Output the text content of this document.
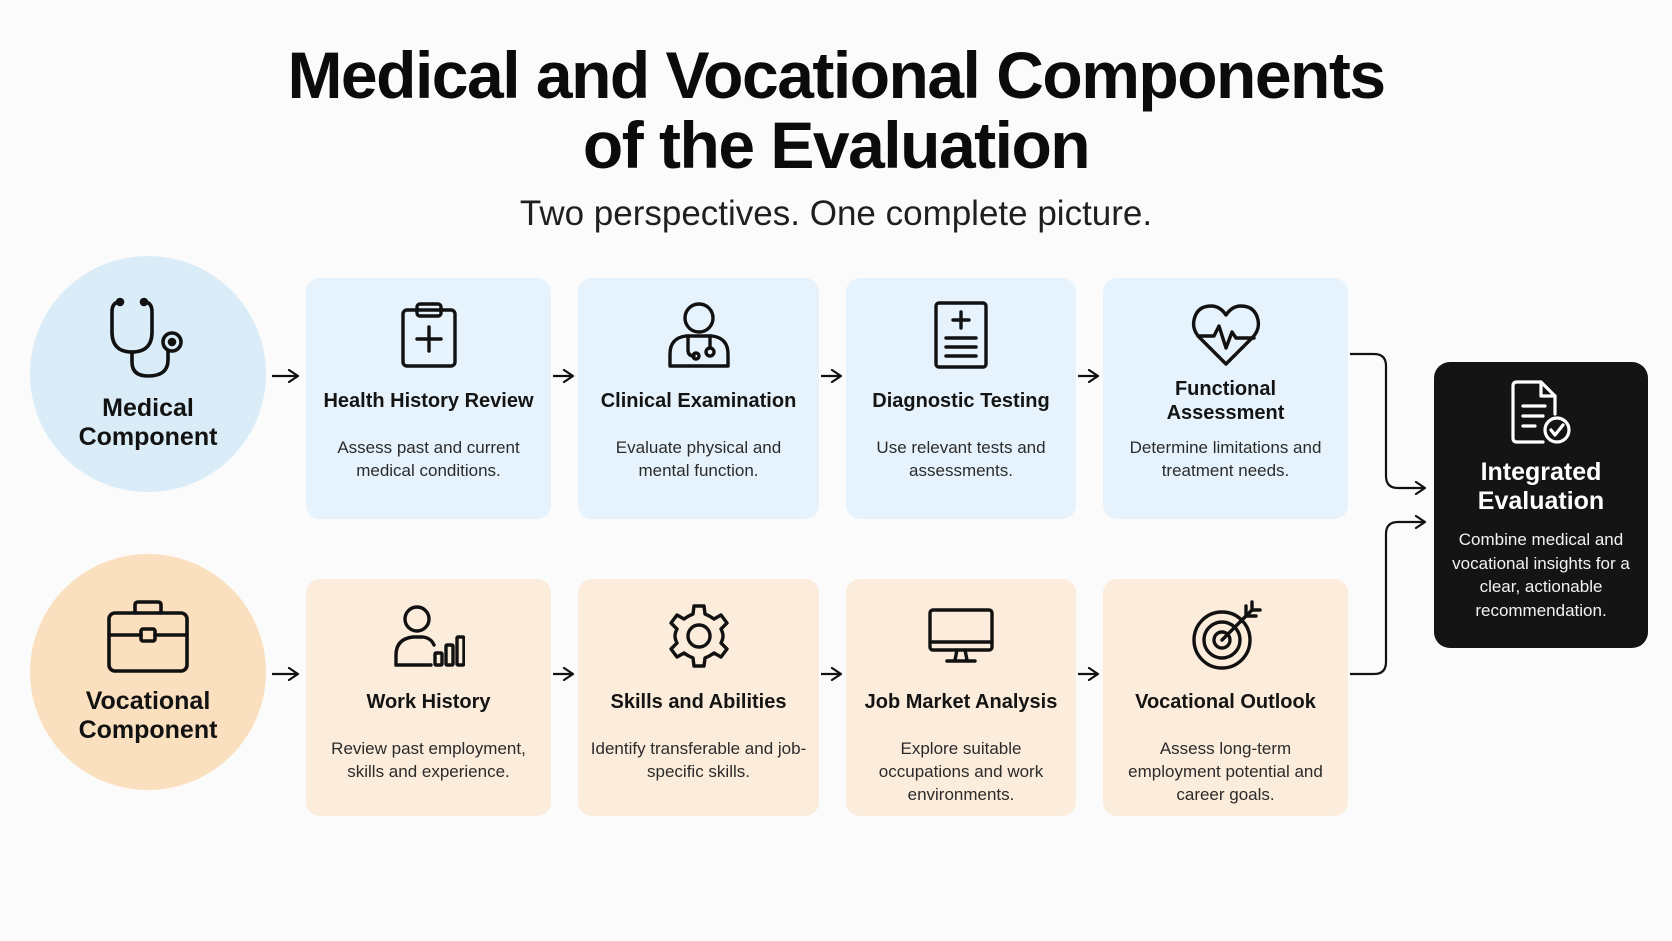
Medical and Vocational Components
of the Evaluation
Two perspectives. One complete picture.
Medical
Component
Vocational
Component
Health History Review
Assess past and current medical conditions.
Clinical Examination
Evaluate physical and mental function.
Diagnostic Testing
Use relevant tests and assessments.
Functional Assessment
Determine limitations and treatment needs.
Work History
Review past employment, skills and experience.
Skills and Abilities
Identify transferable and job-specific skills.
Job Market Analysis
Explore suitable occupations and work environments.
Vocational Outlook
Assess long-term employment potential and career goals.
Integrated
Evaluation
Combine medical and vocational insights for a clear, actionable recommendation.
